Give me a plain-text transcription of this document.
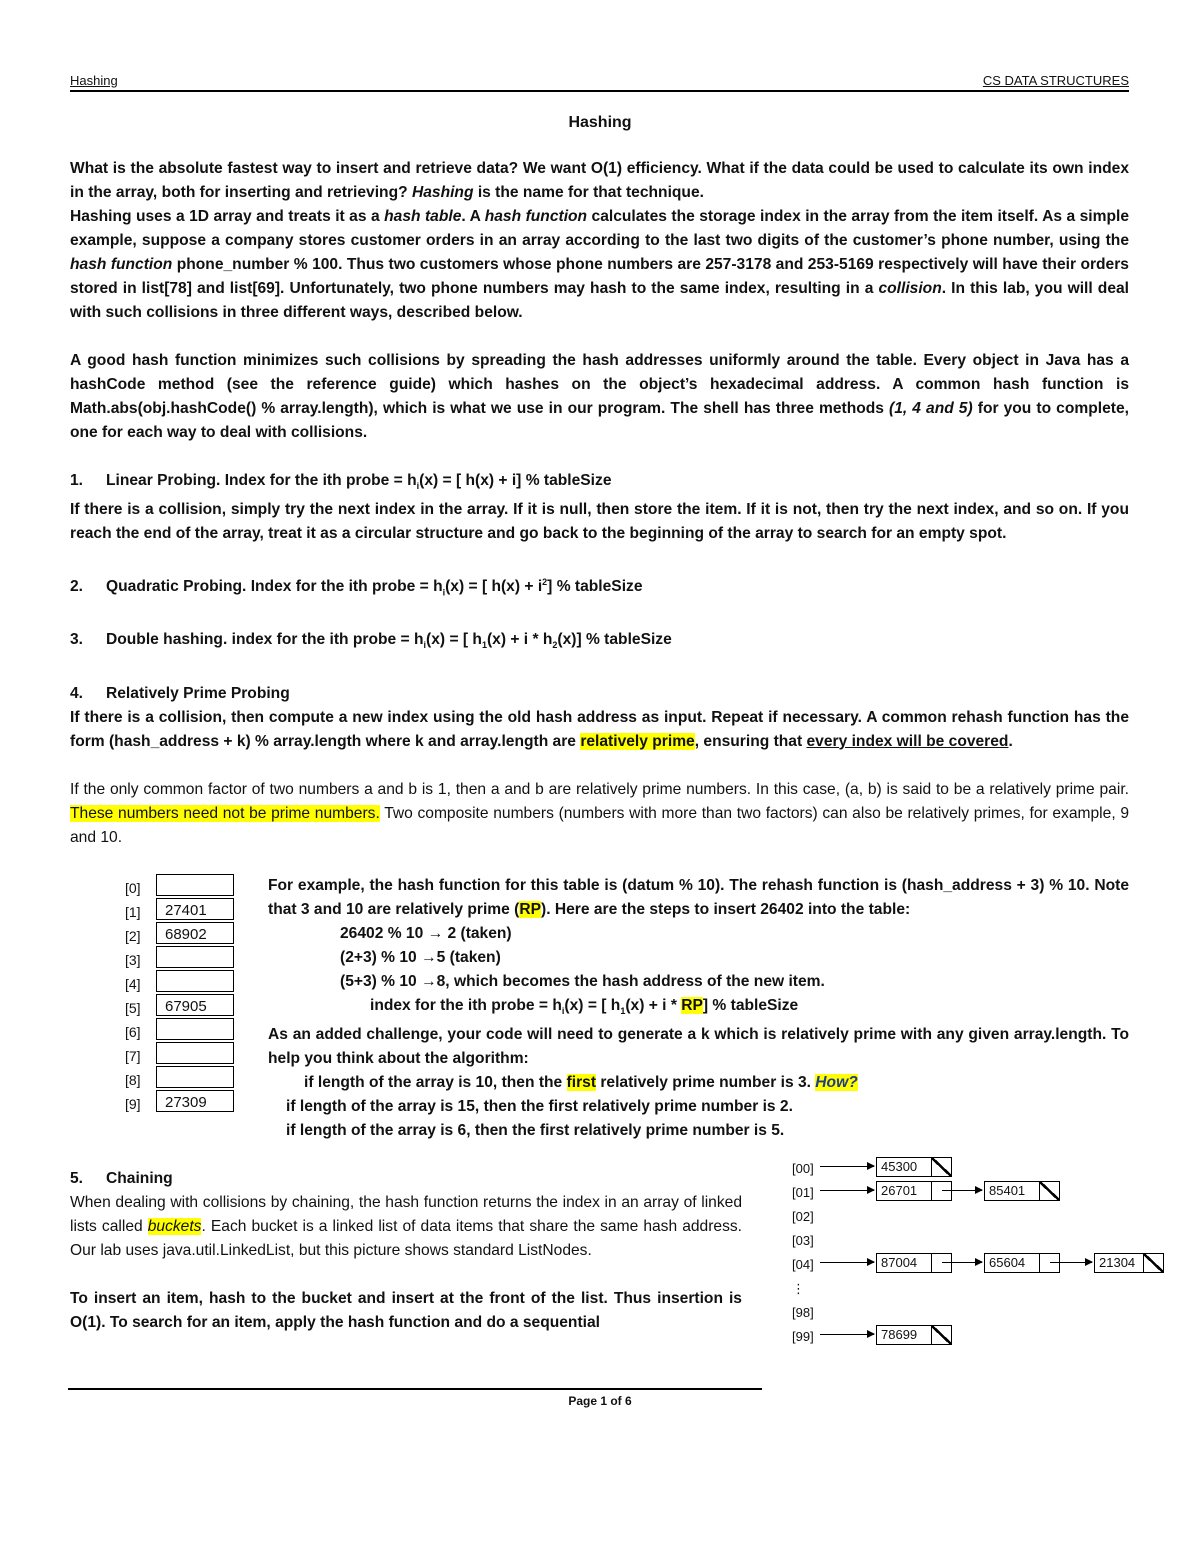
Hashing	CS DATA STRUCTURES
Hashing

What is the absolute fastest way to insert and retrieve data? We want O(1) efficiency. What if the data could be used to calculate its own index in the array, both for inserting and retrieving? Hashing is the name for that technique.

Hashing uses a 1D array and treats it as a hash table. A hash function calculates the storage index in the array from the item itself. As a simple example, suppose a company stores customer orders in an array according to the last two digits of the customer’s phone number, using the hash function phone_number % 100. Thus two customers whose phone numbers are 257-3178 and 253-5169 respectively will have their orders stored in list[78] and list[69]. Unfortunately, two phone numbers may hash to the same index, resulting in a collision. In this lab, you will deal with such collisions in three different ways, described below.

A good hash function minimizes such collisions by spreading the hash addresses uniformly around the table. Every object in Java has a hashCode method (see the reference guide) which hashes on the object’s hexadecimal address. A common hash function is Math.abs(obj.hashCode() % array.length), which is what we use in our program. The shell has three methods (1, 4 and 5) for you to complete, one for each way to deal with collisions.

1. Linear Probing. Index for the ith probe = $h_i(x)$ = [ h(x) + i] % tableSize

If there is a collision, simply try the next index in the array. If it is null, then store the item. If it is not, then try the next index, and so on. If you reach the end of the array, treat it as a circular structure and go back to the beginning of the array to search for an empty spot.

2. Quadratic Probing. Index for the ith probe = $h_i(x)$ = [ $h(x) + i^2$] % tableSize

3. Double hashing. index for the ith probe = $h_i(x)$ = [ $h_1(x) + i * h_2(x)$] % tableSize

4. Relatively Prime Probing

If there is a collision, then compute a new index using the old hash address as input. Repeat if necessary. A common rehash function has the form (hash_address + k) % array.length where k and array.length are relatively prime, ensuring that every index will be covered.

If the only common factor of two numbers a and b is 1, then a and b are relatively prime numbers. In this case, (a, b) is said to be a relatively prime pair. These numbers need not be prime numbers. Two composite numbers (numbers with more than two factors) can also be relatively primes, for example, 9 and 10.

[0]
[1]	27401
[2]	68902
[3]
[4]
[5]	67905
[6]
[7]
[8]
[9]	27309

For example, the hash function for this table is (datum % 10). The rehash function is (hash_address + 3) % 10. Note that 3 and 10 are relatively prime (RP). Here are the steps to insert 26402 into the table:

26402 % 10 → 2 (taken)

(2+3) % 10 →5 (taken)

(5+3) % 10 →8, which becomes the hash address of the new item.

index for the ith probe = $h_i(x)$ = [ $h_1(x) + i * RP$] % tableSize

As an added challenge, your code will need to generate a k which is relatively prime with any given array.length. To help you think about the algorithm:

if length of the array is 10, then the first relatively prime number is 3. How?

if length of the array is 15, then the first relatively prime number is 2.

if length of the array is 6, then the first relatively prime number is 5.

5. Chaining

When dealing with collisions by chaining, the hash function returns the index in an array of linked lists called buckets. Each bucket is a linked list of data items that share the same hash address. Our lab uses java.util.LinkedList, but this picture shows standard ListNodes.

To insert an item, hash to the bucket and insert at the front of the list. Thus insertion is O(1). To search for an item, apply the hash function and do a sequential

[00]	45300
[01]	26701	85401
[02]
[03]
[04]	87004	65604	21304
⋮
[98]
[99]	78699
Page 1 of 6
